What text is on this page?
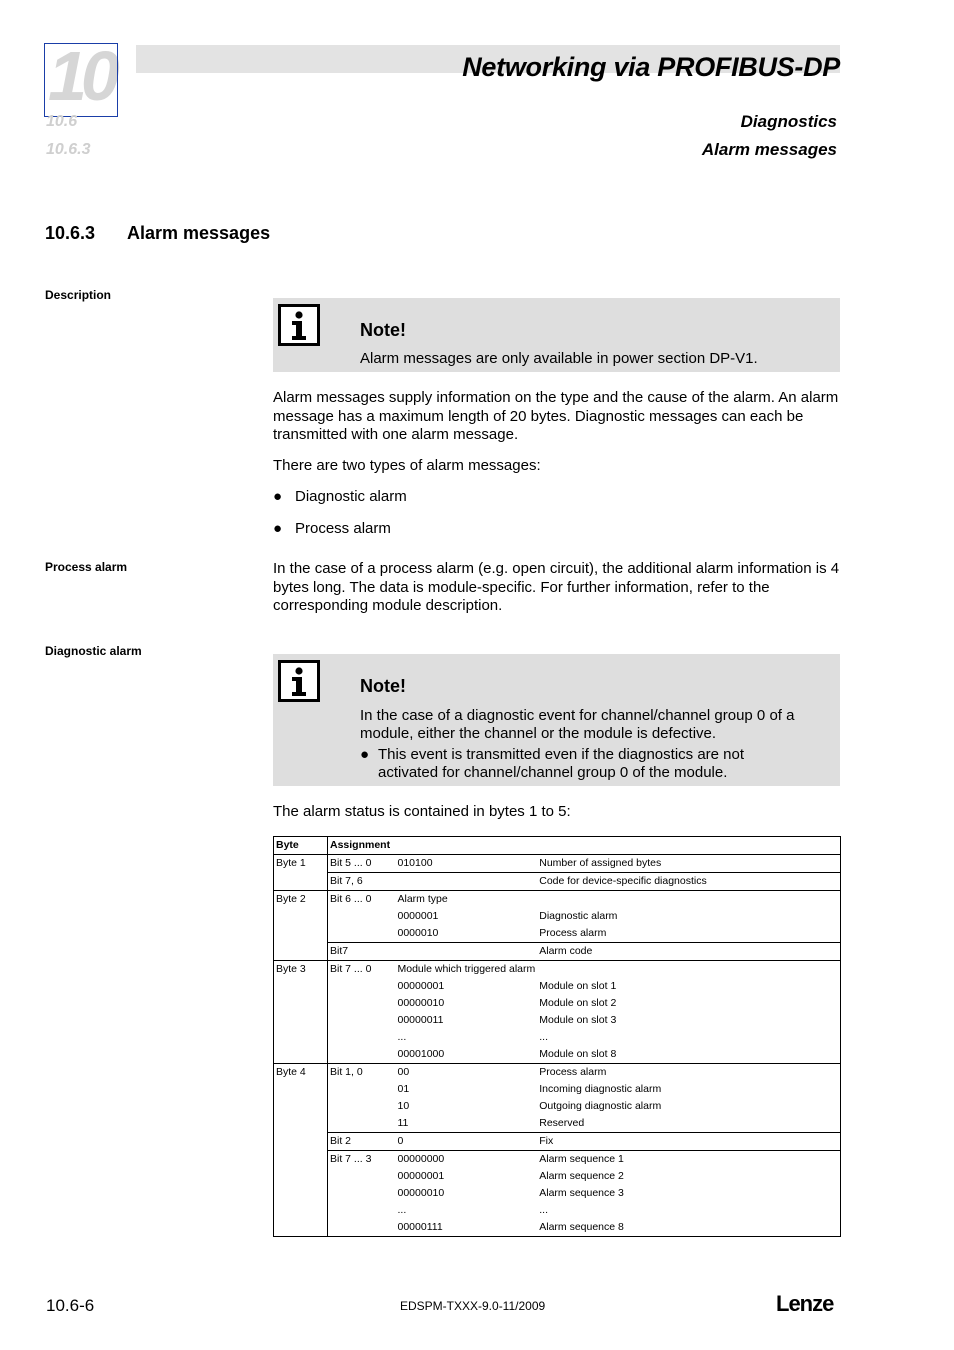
10	Networking via PROFIBUS-DP
10.6
10.6.3
Diagnostics
Alarm messages
10.6.3 Alarm messages
Description
Process alarm
Diagnostic alarm
Note!
Alarm messages are only available in power section DP-V1.
Alarm messages supply information on the type and the cause of the alarm. An alarm message has a maximum length of 20 bytes. Diagnostic messages can each be transmitted with one alarm message.
There are two types of alarm messages:
● Diagnostic alarm
● Process alarm
In the case of a process alarm (e.g. open circuit), the additional alarm information is 4 bytes long. The data is module-specific. For further information, refer to the corresponding module description.
Note!
In the case of a diagnostic event for channel/channel group 0 of a module, either the channel or the module is defective.
● This event is transmitted even if the diagnostics are not activated for channel/channel group 0 of the module.
The alarm status is contained in bytes 1 to 5:
Byte	Assignment		
Byte 1	Bit 5 ... 0	010100	Number of assigned bytes
	Bit 7, 6		Code for device-specific diagnostics
Byte 2	Bit 6 ... 0	Alarm type	
		0000001	Diagnostic alarm
		0000010	Process alarm
	Bit7		Alarm code
Byte 3	Bit 7 ... 0	Module which triggered alarm	
		00000001	Module on slot 1
		00000010	Module on slot 2
		00000011	Module on slot 3
		...	...
		00001000	Module on slot 8
Byte 4	Bit 1, 0	00	Process alarm
		01	Incoming diagnostic alarm
		10	Outgoing diagnostic alarm
		11	Reserved
	Bit 2	0	Fix
	Bit 7 ... 3	00000000	Alarm sequence 1
		00000001	Alarm sequence 2
		00000010	Alarm sequence 3
		...	...
		00000111	Alarm sequence 8
10.6-6	EDSPM-TXXX-9.0-11/2009	Lenze
